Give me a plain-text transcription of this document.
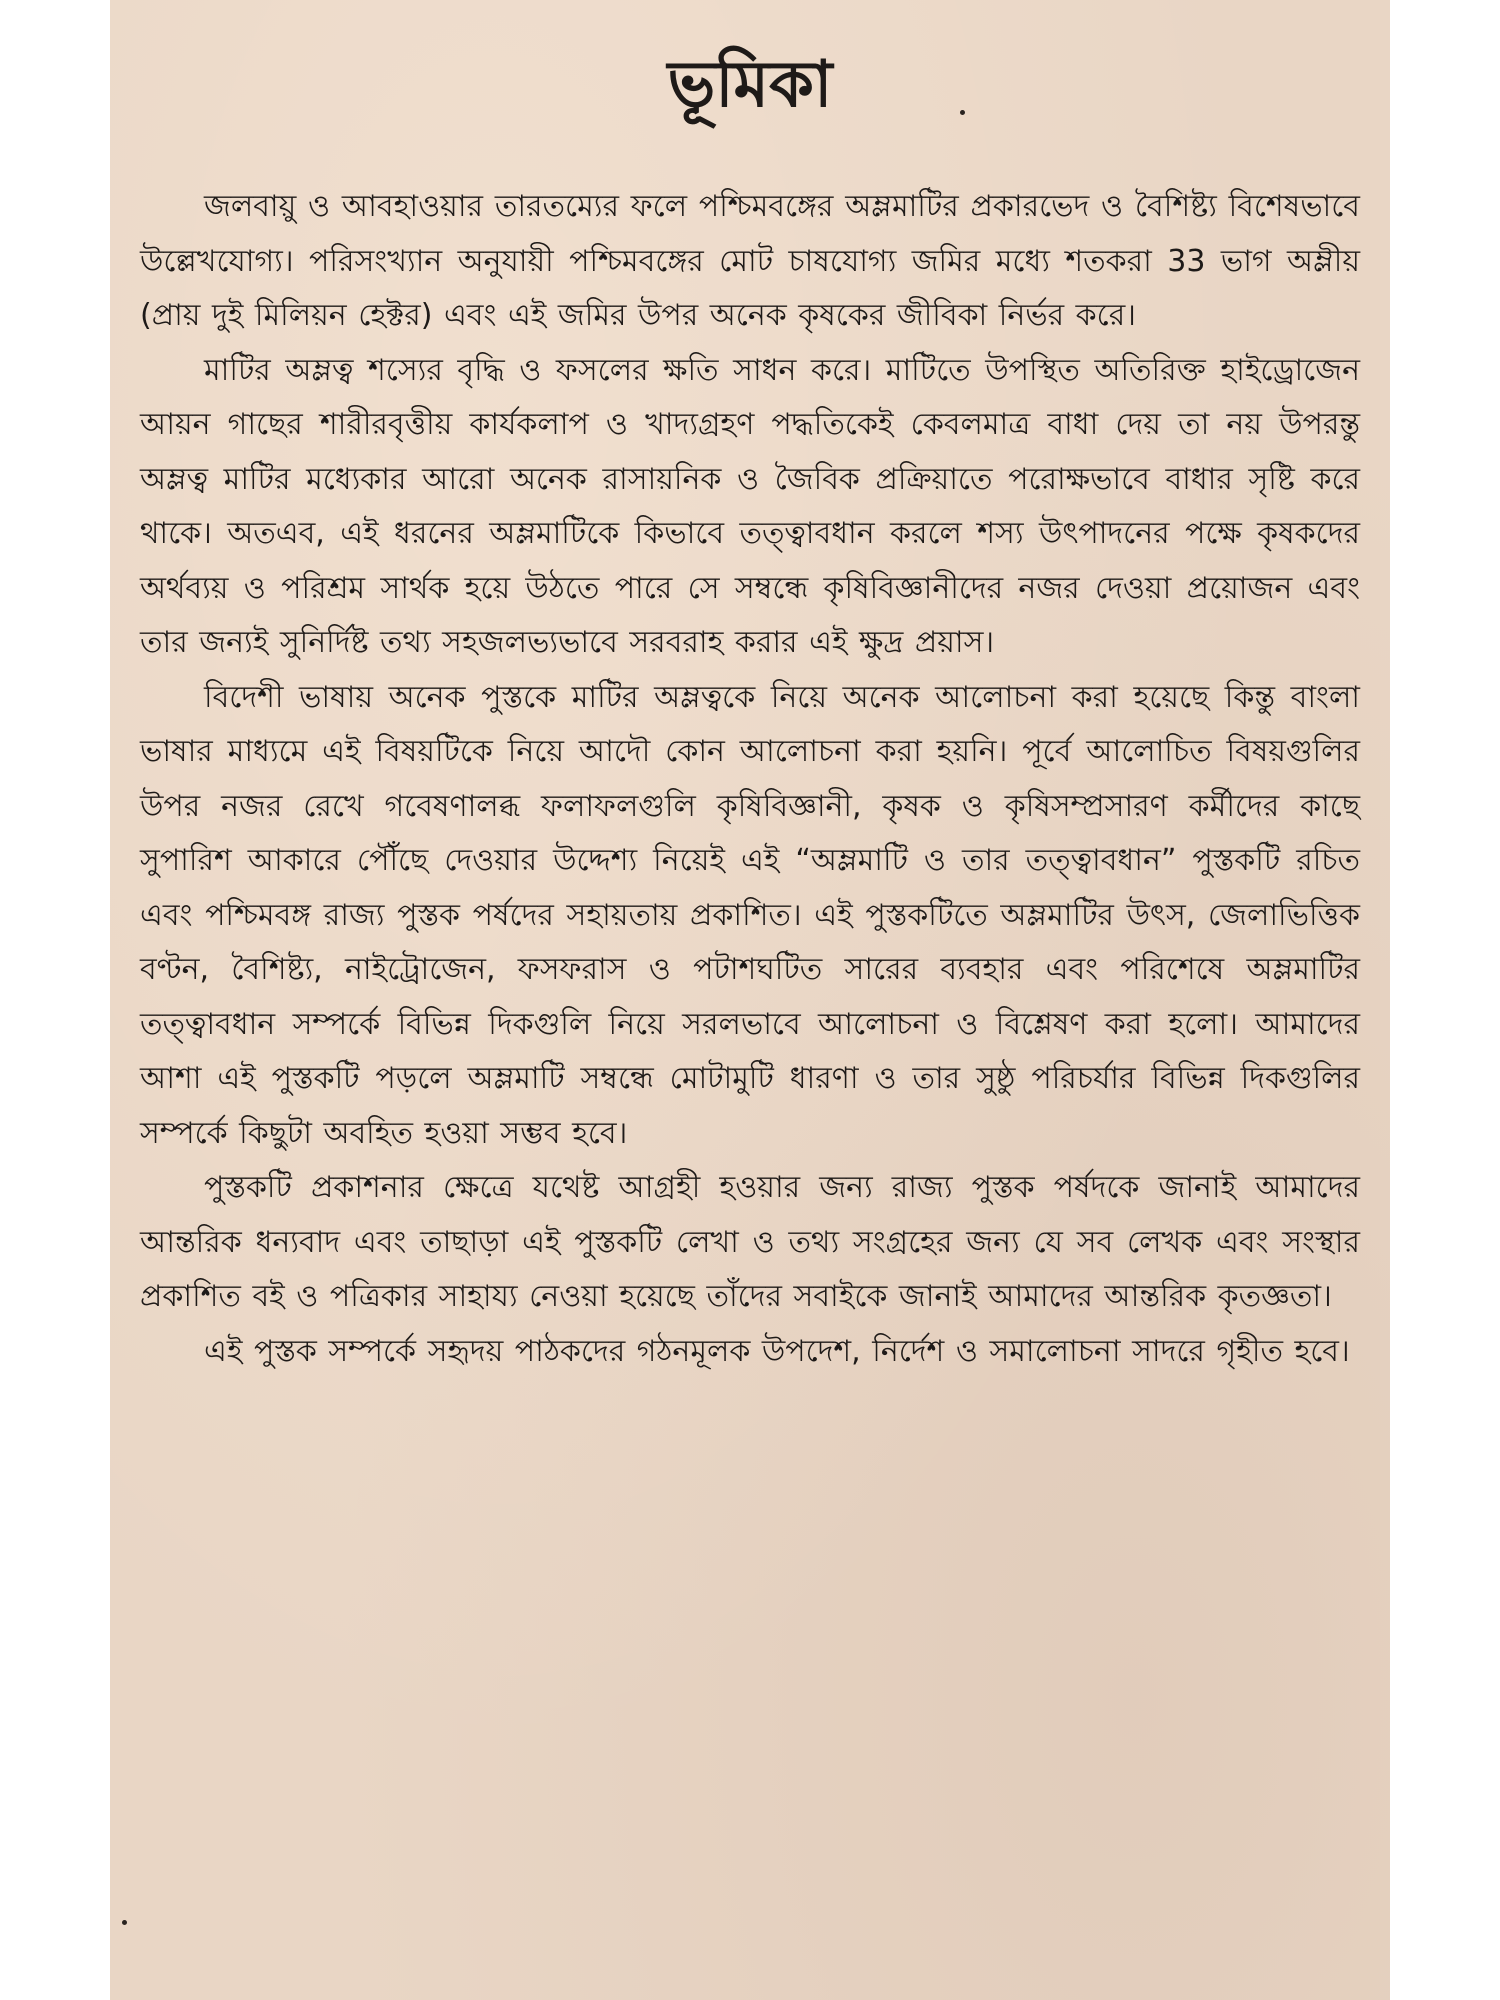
ভূমিকা

জলবায়ু ও আবহাওয়ার তারতম্যের ফলে পশ্চিমবঙ্গের অম্লমাটির প্রকারভেদ ও বৈশিষ্ট্য বিশেষভাবে উল্লেখযোগ্য। পরিসংখ্যান অনুযায়ী পশ্চিমবঙ্গের মোট চাষযোগ্য জমির মধ্যে শতকরা 33 ভাগ অম্লীয় (প্রায় দুই মিলিয়ন হেক্টর) এবং এই জমির উপর অনেক কৃষকের জীবিকা নির্ভর করে।

মাটির অম্লত্ব শস্যের বৃদ্ধি ও ফসলের ক্ষতি সাধন করে। মাটিতে উপস্থিত অতিরিক্ত হাইড্রোজেন আয়ন গাছের শারীরবৃত্তীয় কার্যকলাপ ও খাদ্যগ্রহণ পদ্ধতিকেই কেবলমাত্র বাধা দেয় তা নয় উপরন্তু অম্লত্ব মাটির মধ্যেকার আরো অনেক রাসায়নিক ও জৈবিক প্রক্রিয়াতে পরোক্ষভাবে বাধার সৃষ্টি করে থাকে। অতএব, এই ধরনের অম্লমাটিকে কিভাবে তত্ত্বাবধান করলে শস্য উৎপাদনের পক্ষে কৃষকদের অর্থব্যয় ও পরিশ্রম সার্থক হয়ে উঠতে পারে সে সম্বন্ধে কৃষিবিজ্ঞানীদের নজর দেওয়া প্রয়োজন এবং তার জন্যই সুনির্দিষ্ট তথ্য সহজলভ্যভাবে সরবরাহ করার এই ক্ষুদ্র প্রয়াস।

বিদেশী ভাষায় অনেক পুস্তকে মাটির অম্লত্বকে নিয়ে অনেক আলোচনা করা হয়েছে কিন্তু বাংলা ভাষার মাধ্যমে এই বিষয়টিকে নিয়ে আদৌ কোন আলোচনা করা হয়নি। পূর্বে আলোচিত বিষয়গুলির উপর নজর রেখে গবেষণালব্ধ ফলাফলগুলি কৃষিবিজ্ঞানী, কৃষক ও কৃষিসম্প্রসারণ কর্মীদের কাছে সুপারিশ আকারে পৌঁছে দেওয়ার উদ্দেশ্য নিয়েই এই “অম্লমাটি ও তার তত্ত্বাবধান” পুস্তকটি রচিত এবং পশ্চিমবঙ্গ রাজ্য পুস্তক পর্ষদের সহায়তায় প্রকাশিত। এই পুস্তকটিতে অম্লমাটির উৎস, জেলাভিত্তিক বণ্টন, বৈশিষ্ট্য, নাইট্রোজেন, ফসফরাস ও পটাশঘটিত সারের ব্যবহার এবং পরিশেষে অম্লমাটির তত্ত্বাবধান সম্পর্কে বিভিন্ন দিকগুলি নিয়ে সরলভাবে আলোচনা ও বিশ্লেষণ করা হলো। আমাদের আশা এই পুস্তকটি পড়লে অম্লমাটি সম্বন্ধে মোটামুটি ধারণা ও তার সুষ্ঠু পরিচর্যার বিভিন্ন দিকগুলির সম্পর্কে কিছুটা অবহিত হওয়া সম্ভব হবে।

পুস্তকটি প্রকাশনার ক্ষেত্রে যথেষ্ট আগ্রহী হওয়ার জন্য রাজ্য পুস্তক পর্ষদকে জানাই আমাদের আন্তরিক ধন্যবাদ এবং তাছাড়া এই পুস্তকটি লেখা ও তথ্য সংগ্রহের জন্য যে সব লেখক এবং সংস্থার প্রকাশিত বই ও পত্রিকার সাহায্য নেওয়া হয়েছে তাঁদের সবাইকে জানাই আমাদের আন্তরিক কৃতজ্ঞতা।

এই পুস্তক সম্পর্কে সহৃদয় পাঠকদের গঠনমূলক উপদেশ, নির্দেশ ও সমালোচনা সাদরে গৃহীত হবে।
